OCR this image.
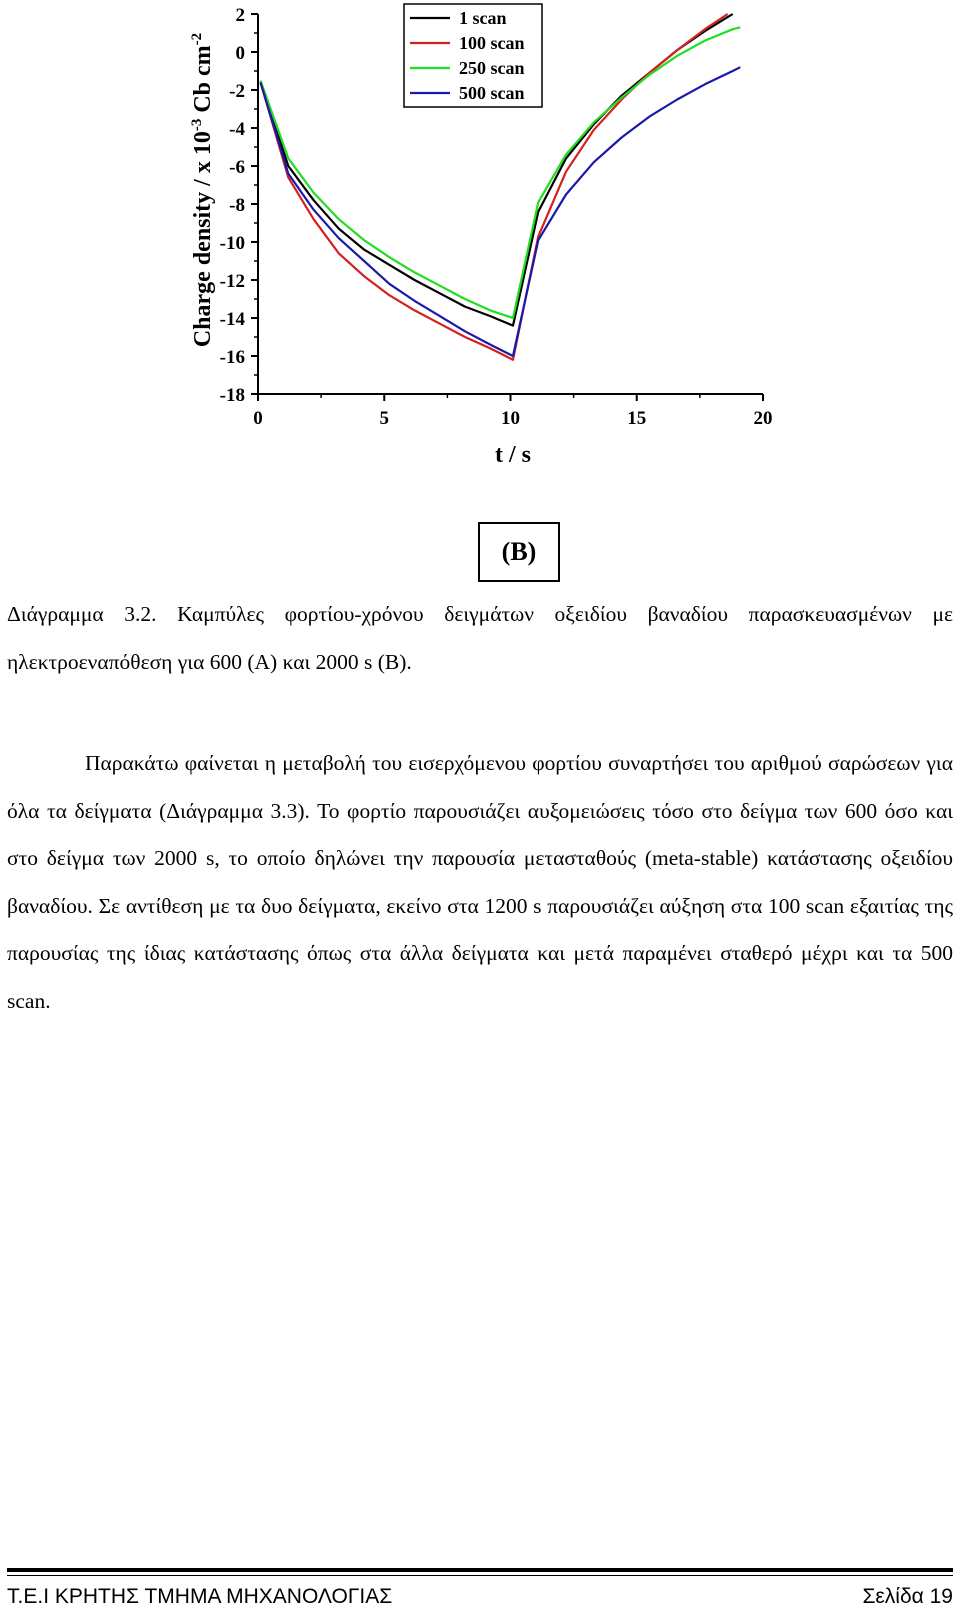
2
0
-2
-4
-6
-8
-10
-12
-14
-16
-18
0	5	10	15	20
1 scan
100 scan
250 scan
500 scan
t / s
Charge density / x $10^{-3}$ Cb $cm^{-2}$
(B)

Διάγραμμα 3.2. Καμπύλες φορτίου-χρόνου δειγμάτων οξειδίου βαναδίου παρασκευασμένων με ηλεκτροεναπόθεση για 600 (A) και 2000 s (B).

Παρακάτω φαίνεται η μεταβολή του εισερχόμενου φορτίου συναρτήσει του αριθμού σαρώσεων για όλα τα δείγματα (Διάγραμμα 3.3). Το φορτίο παρουσιάζει αυξομειώσεις τόσο στο δείγμα των 600 όσο και στο δείγμα των 2000 s, το οποίο δηλώνει την παρουσία μετασταθούς (meta-stable) κατάστασης οξειδίου βαναδίου. Σε αντίθεση με τα δυο δείγματα, εκείνο στα 1200 s παρουσιάζει αύξηση στα 100 scan εξαιτίας της παρουσίας της ίδιας κατάστασης όπως στα άλλα δείγματα και μετά παραμένει σταθερό μέχρι και τα 500 scan.

Τ.Ε.Ι ΚΡΗΤΗΣ ΤΜΗΜΑ ΜΗΧΑΝΟΛΟΓΙΑΣ	Σελίδα 19
